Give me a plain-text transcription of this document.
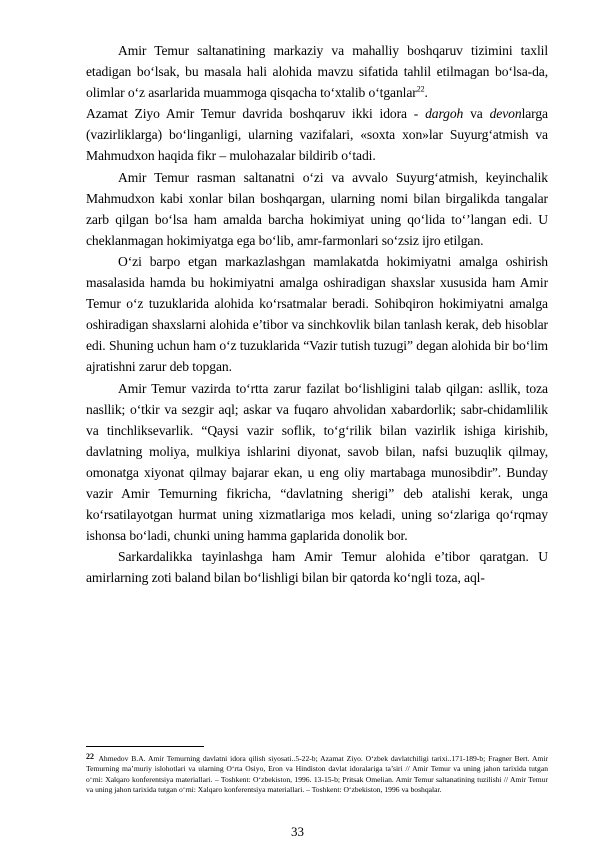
Amir Temur saltanatining markaziy va mahalliy boshqaruv tizimini taxlil etadigan bo‘lsak, bu masala hali alohida mavzu sifatida tahlil etilmagan bo‘lsa-da, olimlar o‘z asarlarida muammoga qisqacha to‘xtalib o‘tganlar$^{22}$.

Azamat Ziyo Amir Temur davrida boshqaruv ikki idora - dargoh va devonlarga (vazirliklarga) bo‘linganligi, ularning vazifalari, «soxta xon»lar Suyurg‘atmish va Mahmudxon haqida fikr – mulohazalar bildirib o‘tadi.

Amir Temur rasman saltanatni o‘zi va avvalo Suyurg‘atmish, keyinchalik Mahmudxon kabi xonlar bilan boshqargan, ularning nomi bilan birgalikda tangalar zarb qilgan bo‘lsa ham amalda barcha hokimiyat uning qo‘lida to‘’langan edi. U cheklanmagan hokimiyatga ega bo‘lib, amr-farmonlari so‘zsiz ijro etilgan.

O‘zi barpo etgan markazlashgan mamlakatda hokimiyatni amalga oshirish masalasida hamda bu hokimiyatni amalga oshiradigan shaxslar xususida ham Amir Temur o‘z tuzuklarida alohida ko‘rsatmalar beradi. Sohibqiron hokimiyatni amalga oshiradigan shaxslarni alohida e’tibor va sinchkovlik bilan tanlash kerak, deb hisoblar edi. Shuning uchun ham o‘z tuzuklarida “Vazir tutish tuzugi” degan alohida bir bo‘lim ajratishni zarur deb topgan.

Amir Temur vazirda to‘rtta zarur fazilat bo‘lishligini talab qilgan: asllik, toza nasllik; o‘tkir va sezgir aql; askar va fuqaro ahvolidan xabardorlik; sabr-chidamlilik va tinchliksevarlik. “Qaysi vazir soflik, to‘g‘rilik bilan vazirlik ishiga kirishib, davlatning moliya, mulkiya ishlarini diyonat, savob bilan, nafsi buzuqlik qilmay, omonatga xiyonat qilmay bajarar ekan, u eng oliy martabaga munosibdir”. Bunday vazir Amir Temurning fikricha, “davlatning sherigi” deb atalishi kerak, unga ko‘rsatilayotgan hurmat uning xizmatlariga mos keladi, uning so‘zlariga qo‘rqmay ishonsa bo‘ladi, chunki uning hamma gaplarida donolik bor.

Sarkardalikka tayinlashga ham Amir Temur alohida e’tibor qaratgan. U amirlarning zoti baland bilan bo‘lishligi bilan bir qatorda ko‘ngli toza, aql-

22 Ahmedov B.A. Amir Temurning davlatni idora qilish siyosati..5-22-b; Azamat Ziyo. O‘zbek davlatchiligi tarixi..171-189-b; Fragner Bert. Amir Temurning ma’muriy islohotlari va ularning O‘rta Osiyo, Eron va Hindiston davlat idoralariga ta’siri // Amir Temur va uning jahon tarixida tutgan o‘rni: Xalqaro konferentsiya materiallari. – Toshkent: O‘zbekiston, 1996. 13-15-b; Pritsak Omelian. Amir Temur saltanatining tuzilishi // Amir Temur va uning jahon tarixida tutgan o‘rni: Xalqaro konferentsiya materiallari. – Toshkent: O‘zbekiston, 1996 va boshqalar.
33
